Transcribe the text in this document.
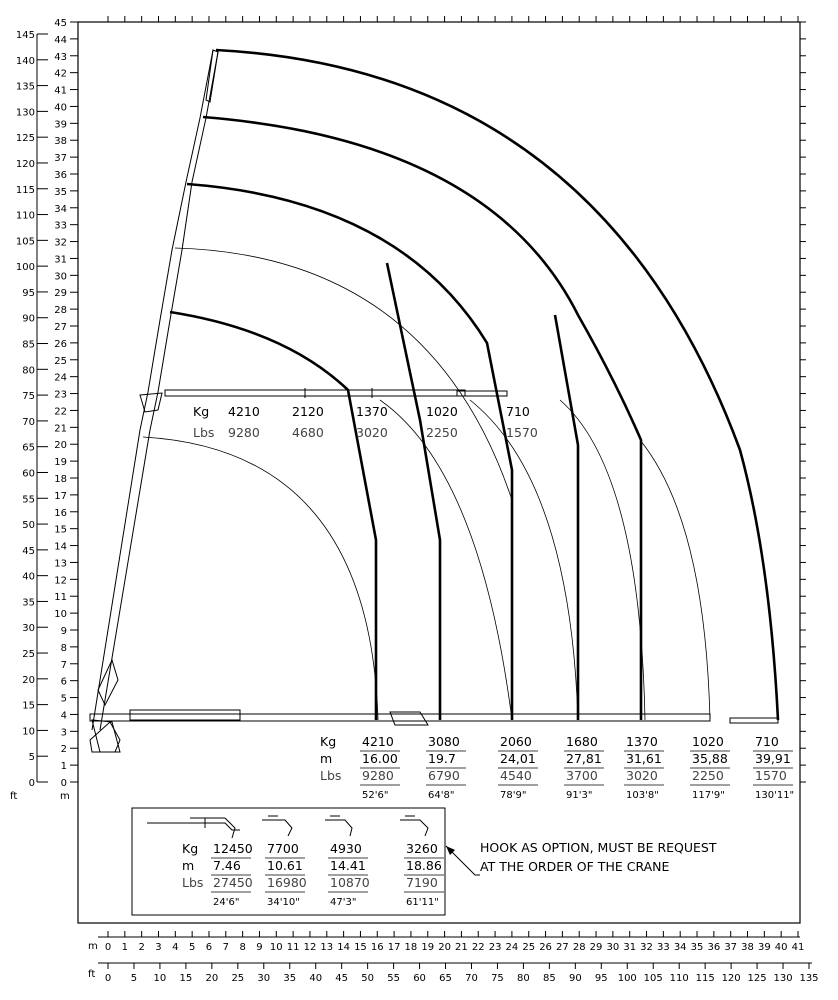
145
140
135
130
125
120
115
110
105
100
95
90
85
80
75
70
65
60
55
50
45
40
35
30
25
20
15
10
5
0
45
44
43
42
41
40
39
38
37
36
35
34
33
32
31
30
29
28
27
26
25
24
23
22
21
20
19
18
17
16
15
14
13
12
11
10
9
8
7
6
5
4
3
2
1
0
0 1 2 3 4 5 6 7 8 9 10 11 12 13 14 15 16 17 18 19 20 21 22 23 24 25 26 27 28 29 30 31 32 33 34 35 36 37 38 39 40 41
0 5 10 15 20 25 30 35 40 45 50 55 60 65 70 75 80 85 90 95 100 105 110 115 120 125 130 135
ft	m
m
ft
Kg
Lbs
4210
9280
2120
4680
1370
3020
1020
2250
710
1570
Kg
m
Lbs
4210
16.00
9280
52'6"
3080
19.7
6790
64'8"
2060
24,01
4540
78'9"
1680
27,81
3700
91'3"
1370
31,61
3020
103'8"
1020
35,88
2250
117'9"
710
39,91
1570
130'11"
Kg
m
Lbs
12450
7.46
27450
24'6"
7700
10.61
16980
34'10"
4930
14.41
10870
47'3"
3260
18.86
7190
61'11"
HOOK AS OPTION, MUST BE REQUEST
AT THE ORDER OF THE CRANE
